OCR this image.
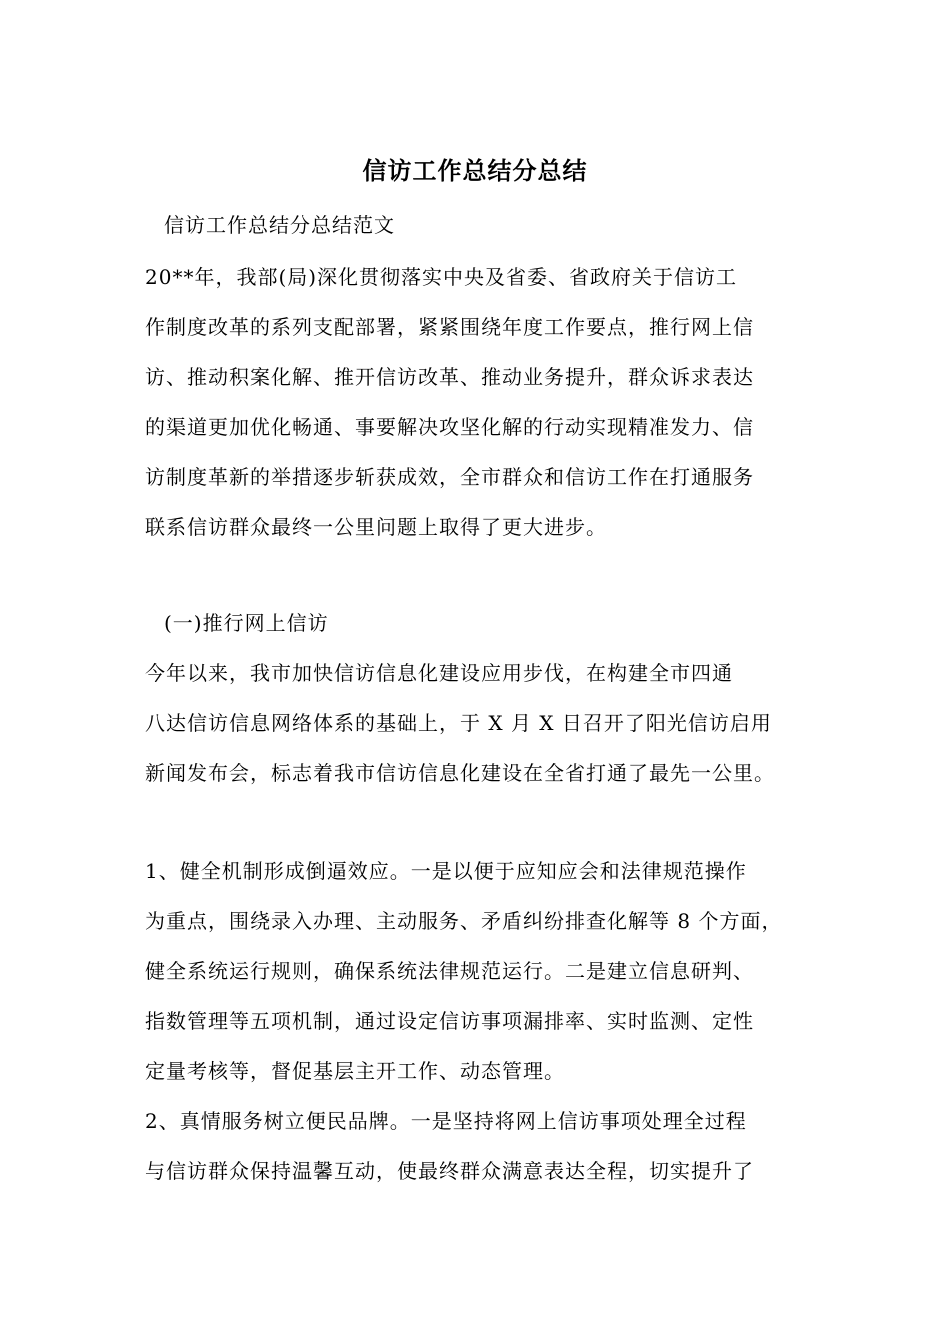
信访工作总结分总结
信访工作总结分总结范文
20**年，我部(局)深化贯彻落实中央及省委、省政府关于信访工
作制度改革的系列支配部署，紧紧围绕年度工作要点，推行网上信
访、推动积案化解、推开信访改革、推动业务提升，群众诉求表达
的渠道更加优化畅通、事要解决攻坚化解的行动实现精准发力、信
访制度革新的举措逐步斩获成效，全市群众和信访工作在打通服务
联系信访群众最终一公里问题上取得了更大进步。
(一)推行网上信访
今年以来，我市加快信访信息化建设应用步伐，在构建全市四通
八达信访信息网络体系的基础上，于 X 月 X 日召开了阳光信访启用
新闻发布会，标志着我市信访信息化建设在全省打通了最先一公里。
1、健全机制形成倒逼效应。一是以便于应知应会和法律规范操作
为重点，围绕录入办理、主动服务、矛盾纠纷排查化解等 8 个方面，
健全系统运行规则，确保系统法律规范运行。二是建立信息研判、
指数管理等五项机制，通过设定信访事项漏排率、实时监测、定性
定量考核等，督促基层主开工作、动态管理。
2、真情服务树立便民品牌。一是坚持将网上信访事项处理全过程
与信访群众保持温馨互动，使最终群众满意表达全程，切实提升了
